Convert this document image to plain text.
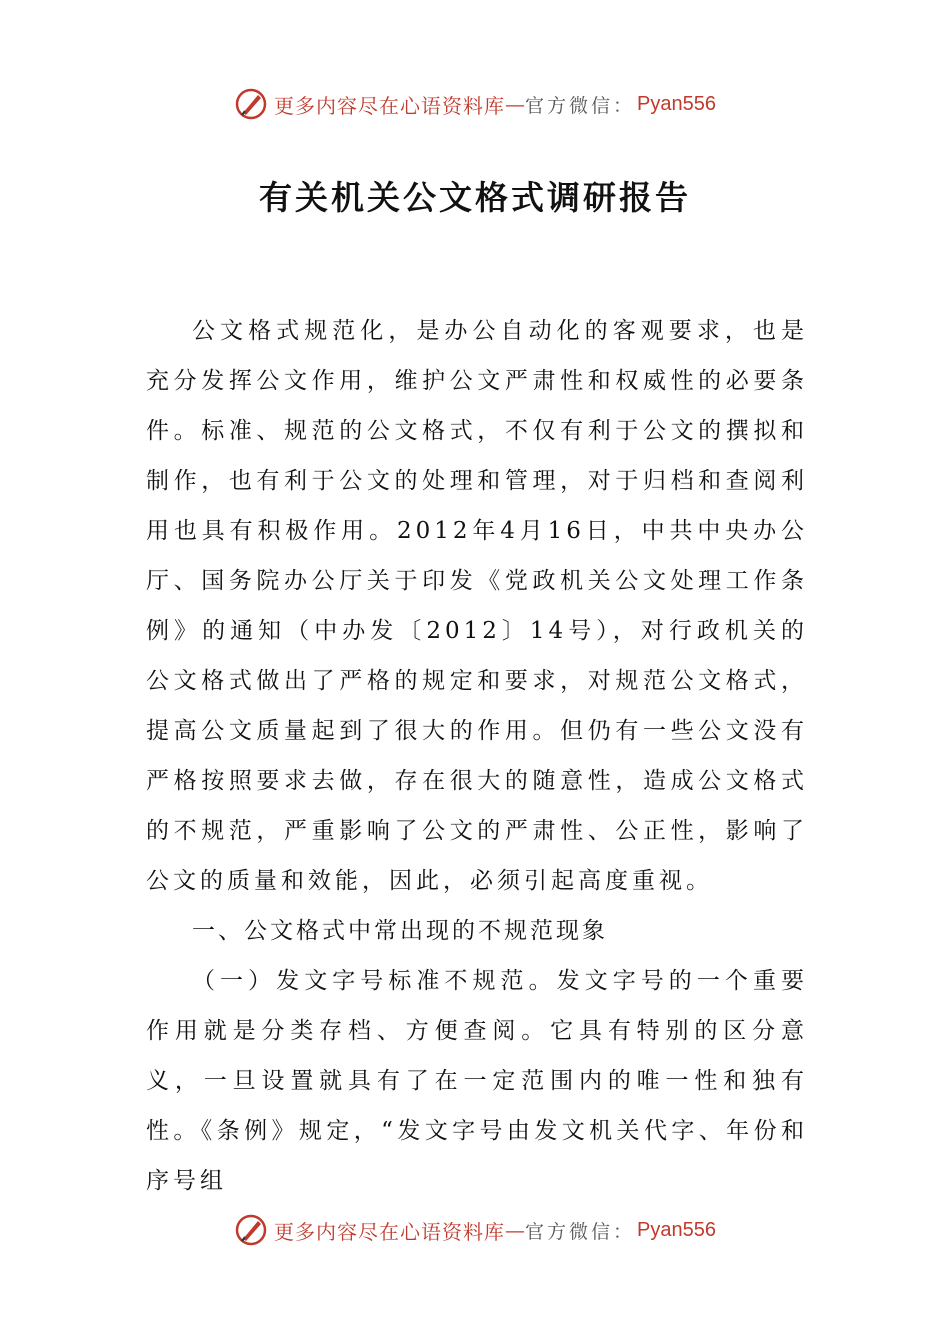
更多内容尽在心语资料库 — 官方微信： Pyan556
有关机关公文格式调研报告

公文格式规范化，是办公自动化的客观要求，也是充分发挥公文作用，维护公文严肃性和权威性的必要条件。标准、规范的公文格式，不仅有利于公文的撰拟和制作，也有利于公文的处理和管理，对于归档和查阅利用也具有积极作用。2012年4月16日，中共中央办公厅、国务院办公厅关于印发《党政机关公文处理工作条例》的通知（中办发〔2012〕14号），对行政机关的公文格式做出了严格的规定和要求，对规范公文格式，提高公文质量起到了很大的作用。但仍有一些公文没有严格按照要求去做，存在很大的随意性，造成公文格式的不规范，严重影响了公文的严肃性、公正性，影响了公文的质量和效能，因此，必须引起高度重视。

一、公文格式中常出现的不规范现象

（一）发文字号标准不规范。发文字号的一个重要作用就是分类存档、方便查阅。它具有特别的区分意义，一旦设置就具有了在一定范围内的唯一性和独有性。《条例》规定，“发文字号由发文机关代字、年份和序号组

更多内容尽在心语资料库 — 官方微信： Pyan556
